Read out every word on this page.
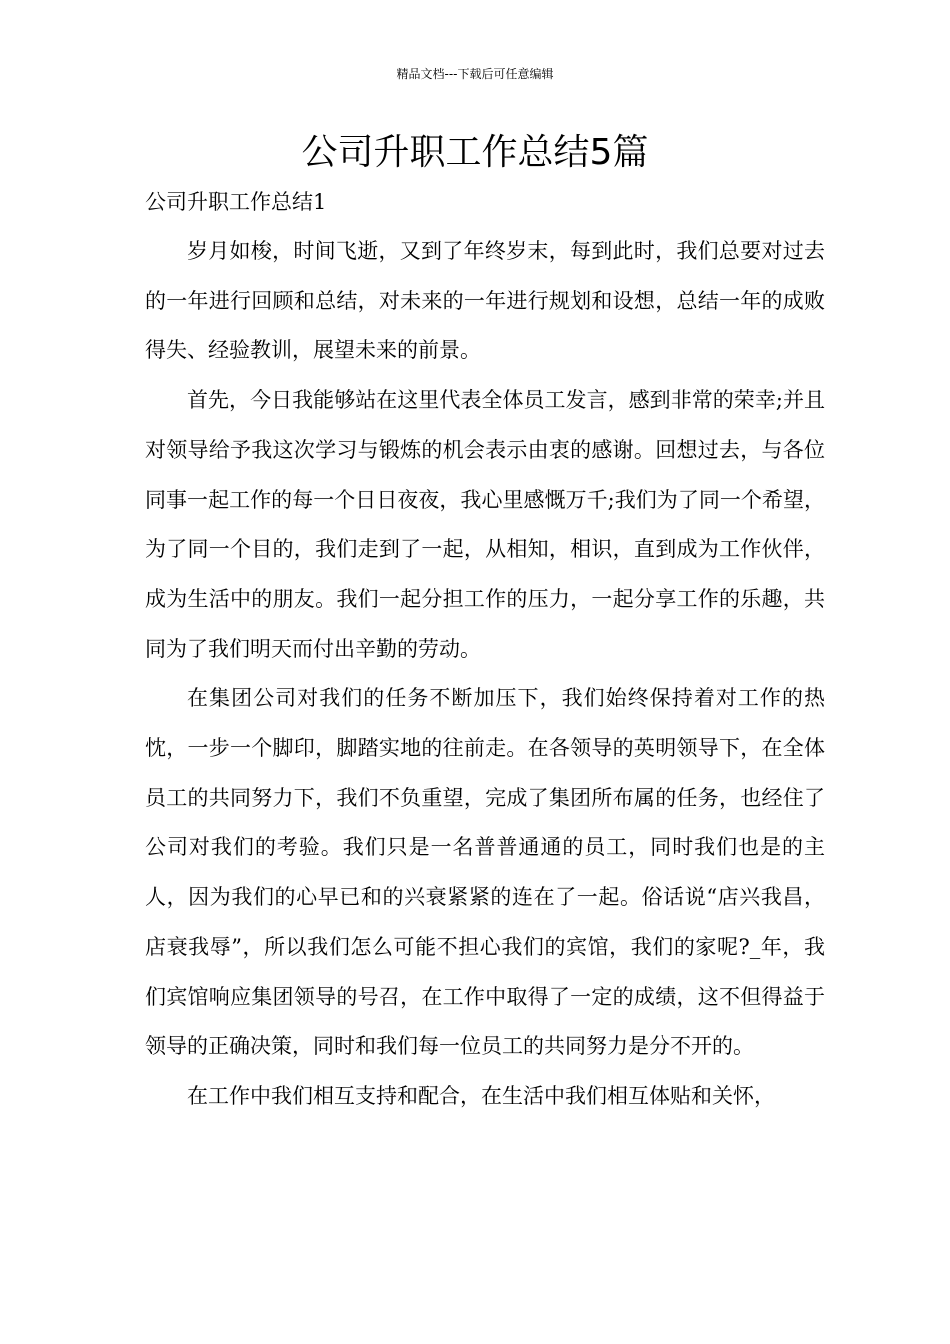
精品文档---下载后可任意编辑
公司升职工作总结5篇
公司升职工作总结1

岁月如梭，时间飞逝，又到了年终岁末，每到此时，我们总要对过去的一年进行回顾和总结，对未来的一年进行规划和设想，总结一年的成败得失、经验教训，展望未来的前景。

首先，今日我能够站在这里代表全体员工发言，感到非常的荣幸;并且对领导给予我这次学习与锻炼的机会表示由衷的感谢。回想过去，与各位同事一起工作的每一个日日夜夜，我心里感慨万千;我们为了同一个希望，为了同一个目的，我们走到了一起，从相知，相识，直到成为工作伙伴，成为生活中的朋友。我们一起分担工作的压力，一起分享工作的乐趣，共同为了我们明天而付出辛勤的劳动。

在集团公司对我们的任务不断加压下，我们始终保持着对工作的热忱，一步一个脚印，脚踏实地的往前走。在各领导的英明领导下，在全体员工的共同努力下，我们不负重望，完成了集团所布属的任务，也经住了公司对我们的考验。我们只是一名普普通通的员工，同时我们也是的主人，因为我们的心早已和的兴衰紧紧的连在了一起。俗话说“店兴我昌，店衰我辱”，所以我们怎么可能不担心我们的宾馆，我们的家呢?_年，我们宾馆响应集团领导的号召，在工作中取得了一定的成绩，这不但得益于领导的正确决策，同时和我们每一位员工的共同努力是分不开的。

在工作中我们相互支持和配合，在生活中我们相互体贴和关怀，
